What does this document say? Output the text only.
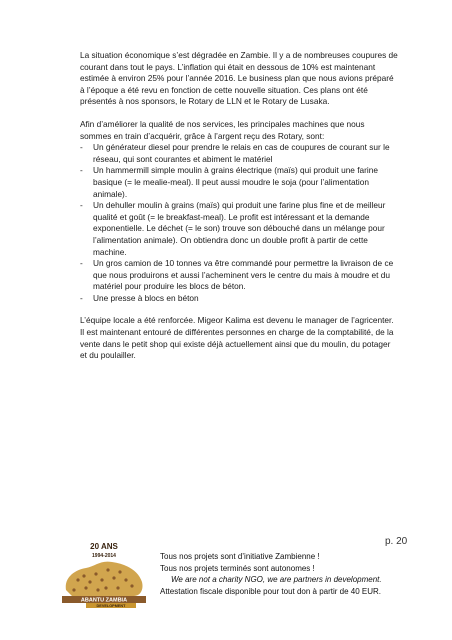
La situation économique s’est dégradée en Zambie. Il y a de nombreuses coupures de courant dans tout le pays. L’inflation qui était en dessous de 10% est maintenant estimée à environ 25% pour l’année 2016. Le business plan que nous avions préparé à l’époque a été revu en fonction de cette nouvelle situation. Ces plans ont été présentés à nos sponsors, le Rotary de LLN et le Rotary de Lusaka.

Afin d’améliorer la qualité de nos services, les principales machines que nous sommes en train d’acquérir, grâce à l’argent reçu des Rotary, sont:

- Un générateur diesel pour prendre le relais en cas de coupures de courant sur le réseau, qui sont courantes et abiment le matériel
- Un hammermill simple moulin à grains électrique (maïs) qui produit une farine basique (= le mealie-meal). Il peut aussi moudre le soja (pour l’alimentation animale).
- Un dehuller moulin à grains (maïs) qui produit une farine plus fine et de meilleur qualité et goût (= le breakfast-meal). Le profit est intéressant et la demande exponentielle. Le déchet (= le son) trouve son débouché dans un mélange pour l’alimentation animale). On obtiendra donc un double profit à partir de cette machine.
- Un gros camion de 10 tonnes va être commandé pour permettre la livraison de ce que nous produirons et aussi l’acheminent vers le centre du mais à moudre et du matériel pour produire les blocs de béton.
- Une presse à blocs en béton

L’équipe locale a été renforcée. Migeor Kalima est devenu le manager de l’agricenter. Il est maintenant entouré de différentes personnes en charge de la comptabilité, de la vente dans le petit shop qui existe déjà actuellement ainsi que du moulin, du potager et du poulailler.

p. 20
20 ANS
1994-2014
ABANTU ZAMBIA
DEVELOPMENT
Tous nos projets sont d’initiative Zambienne !
Tous nos projets terminés sont autonomes !
We are not a charity NGO, we are partners in development.
Attestation fiscale disponible pour tout don à partir de 40 EUR.
